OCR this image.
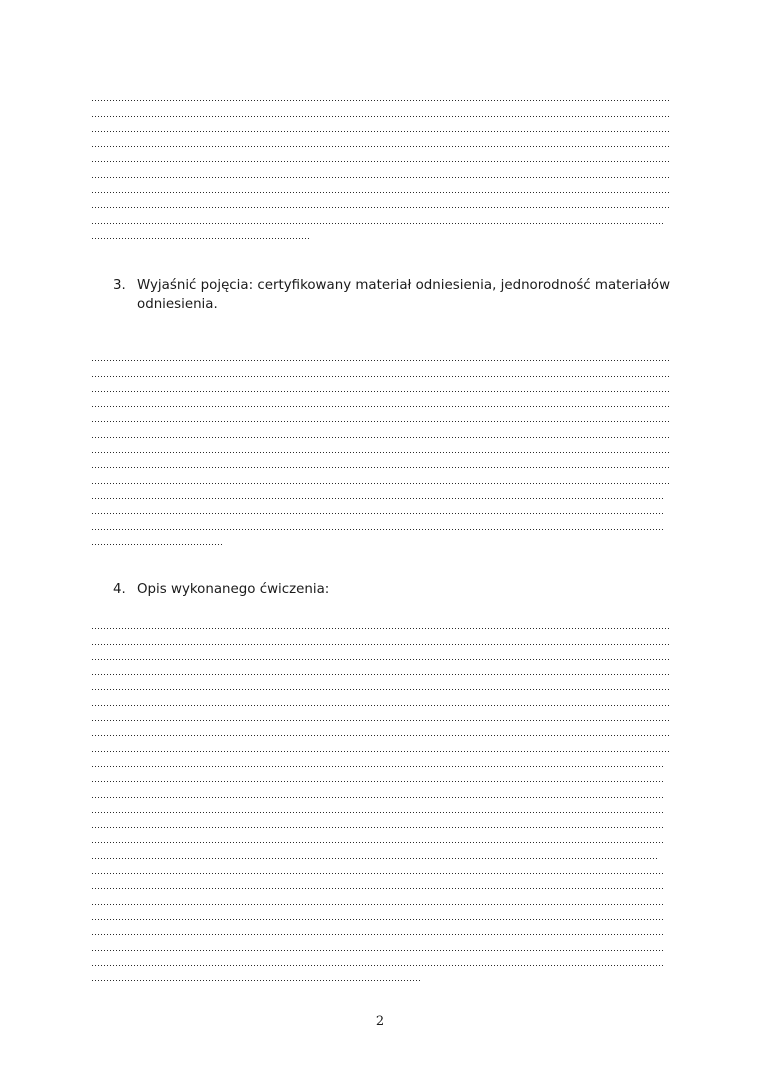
3. Wyjaśnić pojęcia: certyfikowany materiał odniesienia, jednorodność materiałów
odniesienia.
4. Opis wykonanego ćwiczenia:
2
